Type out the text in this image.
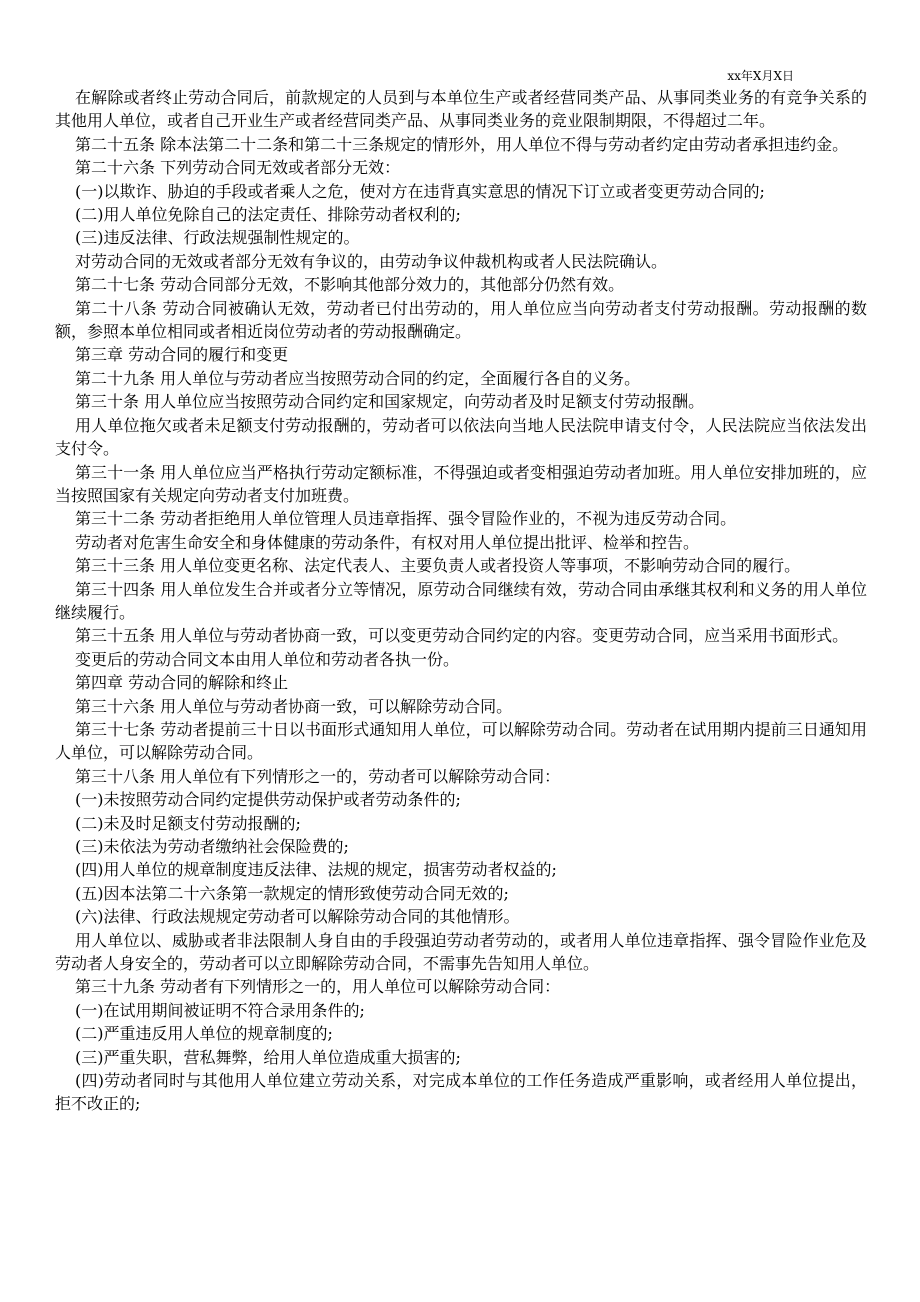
xx年X月X日

在解除或者终止劳动合同后，前款规定的人员到与本单位生产或者经营同类产品、从事同类业务的有竞争关系的其他用人单位，或者自己开业生产或者经营同类产品、从事同类业务的竞业限制期限，不得超过二年。

第二十五条 除本法第二十二条和第二十三条规定的情形外，用人单位不得与劳动者约定由劳动者承担违约金。

第二十六条 下列劳动合同无效或者部分无效：

(一)以欺诈、胁迫的手段或者乘人之危，使对方在违背真实意思的情况下订立或者变更劳动合同的;

(二)用人单位免除自己的法定责任、排除劳动者权利的;

(三)违反法律、行政法规强制性规定的。

对劳动合同的无效或者部分无效有争议的，由劳动争议仲裁机构或者人民法院确认。

第二十七条 劳动合同部分无效，不影响其他部分效力的，其他部分仍然有效。

第二十八条 劳动合同被确认无效，劳动者已付出劳动的，用人单位应当向劳动者支付劳动报酬。劳动报酬的数额，参照本单位相同或者相近岗位劳动者的劳动报酬确定。

第三章 劳动合同的履行和变更

第二十九条 用人单位与劳动者应当按照劳动合同的约定，全面履行各自的义务。

第三十条 用人单位应当按照劳动合同约定和国家规定，向劳动者及时足额支付劳动报酬。

用人单位拖欠或者未足额支付劳动报酬的，劳动者可以依法向当地人民法院申请支付令，人民法院应当依法发出支付令。

第三十一条 用人单位应当严格执行劳动定额标准，不得强迫或者变相强迫劳动者加班。用人单位安排加班的，应当按照国家有关规定向劳动者支付加班费。

第三十二条 劳动者拒绝用人单位管理人员违章指挥、强令冒险作业的，不视为违反劳动合同。

劳动者对危害生命安全和身体健康的劳动条件，有权对用人单位提出批评、检举和控告。

第三十三条 用人单位变更名称、法定代表人、主要负责人或者投资人等事项，不影响劳动合同的履行。

第三十四条 用人单位发生合并或者分立等情况，原劳动合同继续有效，劳动合同由承继其权利和义务的用人单位继续履行。

第三十五条 用人单位与劳动者协商一致，可以变更劳动合同约定的内容。变更劳动合同，应当采用书面形式。

变更后的劳动合同文本由用人单位和劳动者各执一份。

第四章 劳动合同的解除和终止

第三十六条 用人单位与劳动者协商一致，可以解除劳动合同。

第三十七条 劳动者提前三十日以书面形式通知用人单位，可以解除劳动合同。劳动者在试用期内提前三日通知用人单位，可以解除劳动合同。

第三十八条 用人单位有下列情形之一的，劳动者可以解除劳动合同：

(一)未按照劳动合同约定提供劳动保护或者劳动条件的;

(二)未及时足额支付劳动报酬的;

(三)未依法为劳动者缴纳社会保险费的;

(四)用人单位的规章制度违反法律、法规的规定，损害劳动者权益的;

(五)因本法第二十六条第一款规定的情形致使劳动合同无效的;

(六)法律、行政法规规定劳动者可以解除劳动合同的其他情形。

用人单位以、威胁或者非法限制人身自由的手段强迫劳动者劳动的，或者用人单位违章指挥、强令冒险作业危及劳动者人身安全的，劳动者可以立即解除劳动合同，不需事先告知用人单位。

第三十九条 劳动者有下列情形之一的，用人单位可以解除劳动合同：

(一)在试用期间被证明不符合录用条件的;

(二)严重违反用人单位的规章制度的;

(三)严重失职，营私舞弊，给用人单位造成重大损害的;

(四)劳动者同时与其他用人单位建立劳动关系，对完成本单位的工作任务造成严重影响，或者经用人单位提出，拒不改正的;
